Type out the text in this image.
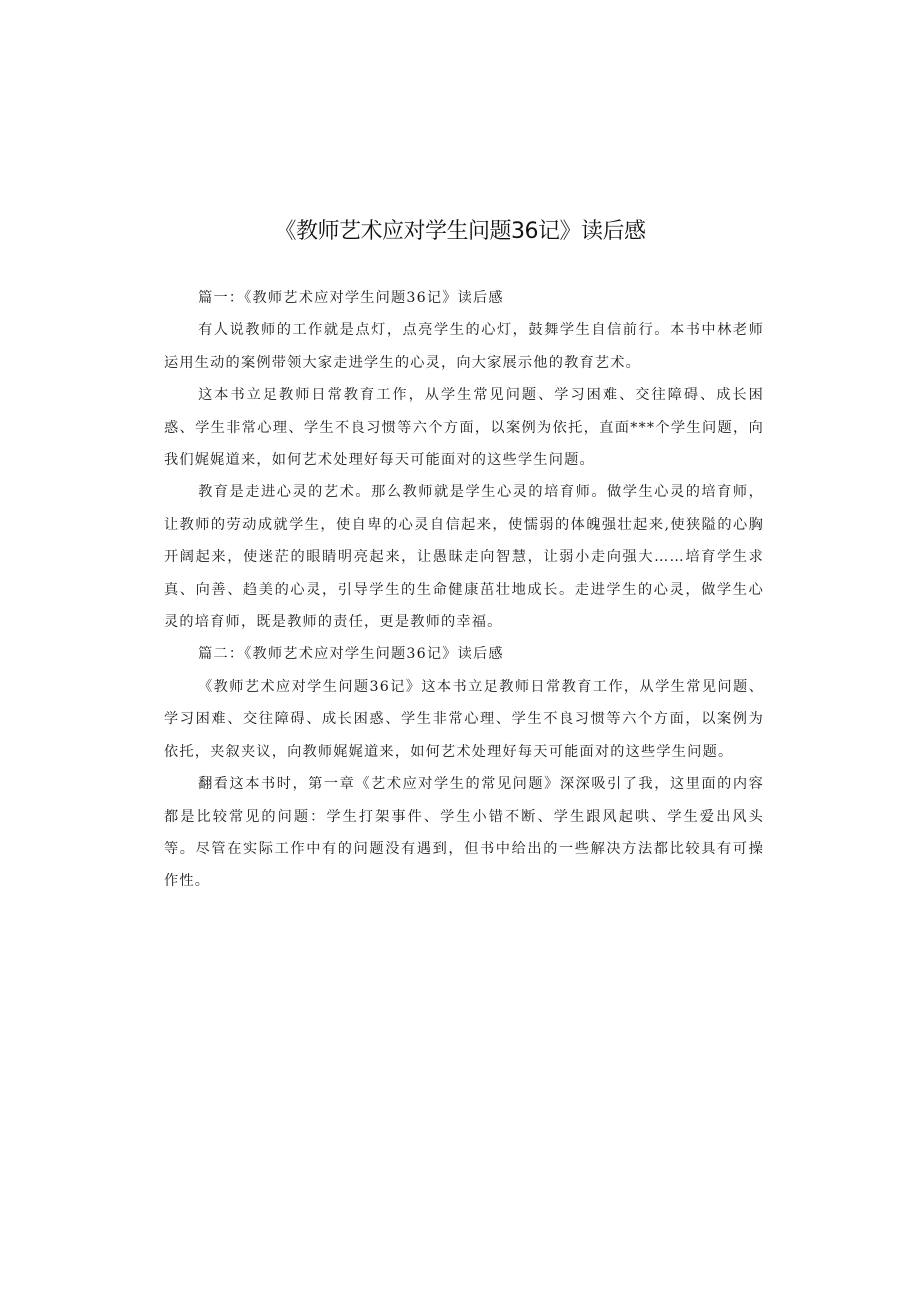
《教师艺术应对学生问题36记》读后感

篇一：《教师艺术应对学生问题36记》读后感

有人说教师的工作就是点灯，点亮学生的心灯，鼓舞学生自信前行。本书中林老师运用生动的案例带领大家走进学生的心灵，向大家展示他的教育艺术。

这本书立足教师日常教育工作，从学生常见问题、学习困难、交往障碍、成长困惑、学生非常心理、学生不良习惯等六个方面，以案例为依托，直面***个学生问题，向我们娓娓道来，如何艺术处理好每天可能面对的这些学生问题。

教育是走进心灵的艺术。那么教师就是学生心灵的培育师。做学生心灵的培育师，让教师的劳动成就学生，使自卑的心灵自信起来，使懦弱的体魄强壮起来,使狭隘的心胸开阔起来，使迷茫的眼睛明亮起来，让愚昧走向智慧，让弱小走向强大……培育学生求真、向善、趋美的心灵，引导学生的生命健康茁壮地成长。走进学生的心灵，做学生心灵的培育师，既是教师的责任，更是教师的幸福。

篇二：《教师艺术应对学生问题36记》读后感

《教师艺术应对学生问题36记》这本书立足教师日常教育工作，从学生常见问题、学习困难、交往障碍、成长困惑、学生非常心理、学生不良习惯等六个方面，以案例为依托，夹叙夹议，向教师娓娓道来，如何艺术处理好每天可能面对的这些学生问题。

翻看这本书时，第一章《艺术应对学生的常见问题》深深吸引了我，这里面的内容都是比较常见的问题：学生打架事件、学生小错不断、学生跟风起哄、学生爱出风头等。尽管在实际工作中有的问题没有遇到，但书中给出的一些解决方法都比较具有可操作性。
